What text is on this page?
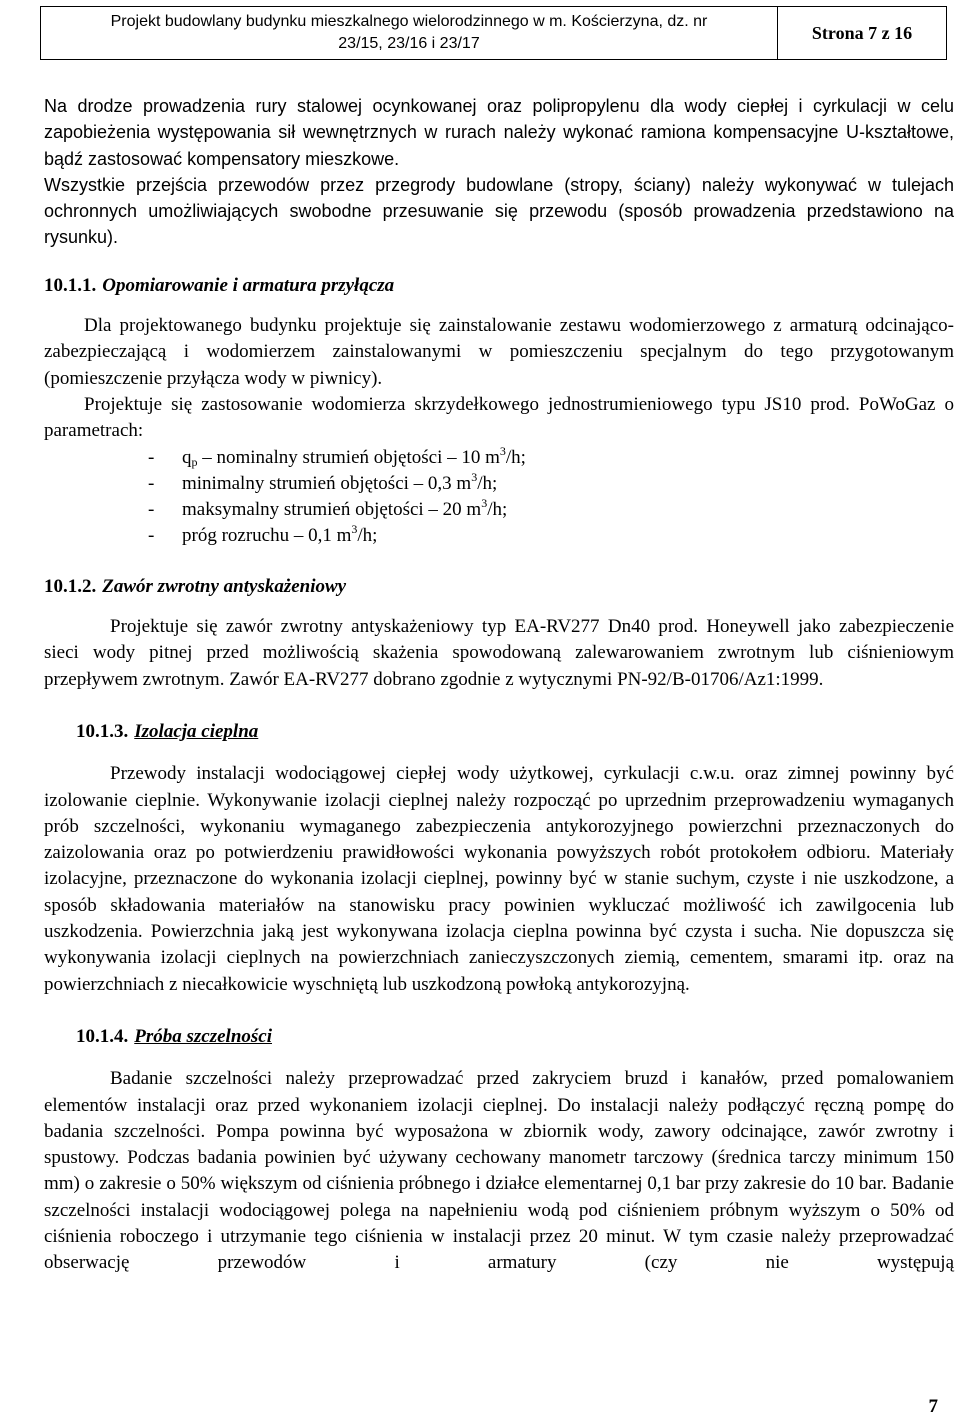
Projekt budowlany budynku mieszkalnego wielorodzinnego w m. Kościerzyna, dz. nr
23/15, 23/16 i 23/17
Strona 7 z 16

Na drodze prowadzenia rury stalowej ocynkowanej oraz polipropylenu dla wody ciepłej i cyrkulacji w celu zapobieżenia występowania sił wewnętrznych w rurach należy wykonać ramiona kompensacyjne U-kształtowe, bądź zastosować kompensatory mieszkowe.

Wszystkie przejścia przewodów przez przegrody budowlane (stropy, ściany) należy wykonywać w tulejach ochronnych umożliwiających swobodne przesuwanie się przewodu (sposób prowadzenia przedstawiono na rysunku).

10.1.1. Opomiarowanie i armatura przyłącza

Dla projektowanego budynku projektuje się zainstalowanie zestawu wodomierzowego z armaturą odcinająco-zabezpieczającą i wodomierzem zainstalowanymi w pomieszczeniu specjalnym do tego przygotowanym (pomieszczenie przyłącza wody w piwnicy).

Projektuje się zastosowanie wodomierza skrzydełkowego jednostrumieniowego typu JS10 prod. PoWoGaz o parametrach:

- $q_p$ – nominalny strumień objętości – 10 $m^3/h$;
- minimalny strumień objętości – 0,3 $m^3/h$;
- maksymalny strumień objętości – 20 $m^3/h$;
- próg rozruchu – 0,1 $m^3/h$;

10.1.2. Zawór zwrotny antyskażeniowy

Projektuje się zawór zwrotny antyskażeniowy typ EA-RV277 Dn40 prod. Honeywell jako zabezpieczenie sieci wody pitnej przed możliwością skażenia spowodowaną zalewarowaniem zwrotnym lub ciśnieniowym przepływem zwrotnym. Zawór EA-RV277 dobrano zgodnie z wytycznymi PN-92/B-01706/Az1:1999.

10.1.3. Izolacja cieplna

Przewody instalacji wodociągowej ciepłej wody użytkowej, cyrkulacji c.w.u. oraz zimnej powinny być izolowanie cieplnie. Wykonywanie izolacji cieplnej należy rozpocząć po uprzednim przeprowadzeniu wymaganych prób szczelności, wykonaniu wymaganego zabezpieczenia antykorozyjnego powierzchni przeznaczonych do zaizolowania oraz po potwierdzeniu prawidłowości wykonania powyższych robót protokołem odbioru. Materiały izolacyjne, przeznaczone do wykonania izolacji cieplnej, powinny być w stanie suchym, czyste i nie uszkodzone, a sposób składowania materiałów na stanowisku pracy powinien wykluczać możliwość ich zawilgocenia lub uszkodzenia. Powierzchnia jaką jest wykonywana izolacja cieplna powinna być czysta i sucha. Nie dopuszcza się wykonywania izolacji cieplnych na powierzchniach zanieczyszczonych ziemią, cementem, smarami itp. oraz na powierzchniach z niecałkowicie wyschniętą lub uszkodzoną powłoką antykorozyjną.

10.1.4. Próba szczelności

Badanie szczelności należy przeprowadzać przed zakryciem bruzd i kanałów, przed pomalowaniem elementów instalacji oraz przed wykonaniem izolacji cieplnej. Do instalacji należy podłączyć ręczną pompę do badania szczelności. Pompa powinna być wyposażona w zbiornik wody, zawory odcinające, zawór zwrotny i spustowy. Podczas badania powinien być używany cechowany manometr tarczowy (średnica tarczy minimum 150 mm) o zakresie o 50% większym od ciśnienia próbnego i działce elementarnej 0,1 bar przy zakresie do 10 bar. Badanie szczelności instalacji wodociągowej polega na napełnieniu wodą pod ciśnieniem próbnym wyższym o 50% od ciśnienia roboczego i utrzymanie tego ciśnienia w instalacji przez 20 minut. W tym czasie należy przeprowadzać obserwację przewodów i armatury (czy nie występują

7
